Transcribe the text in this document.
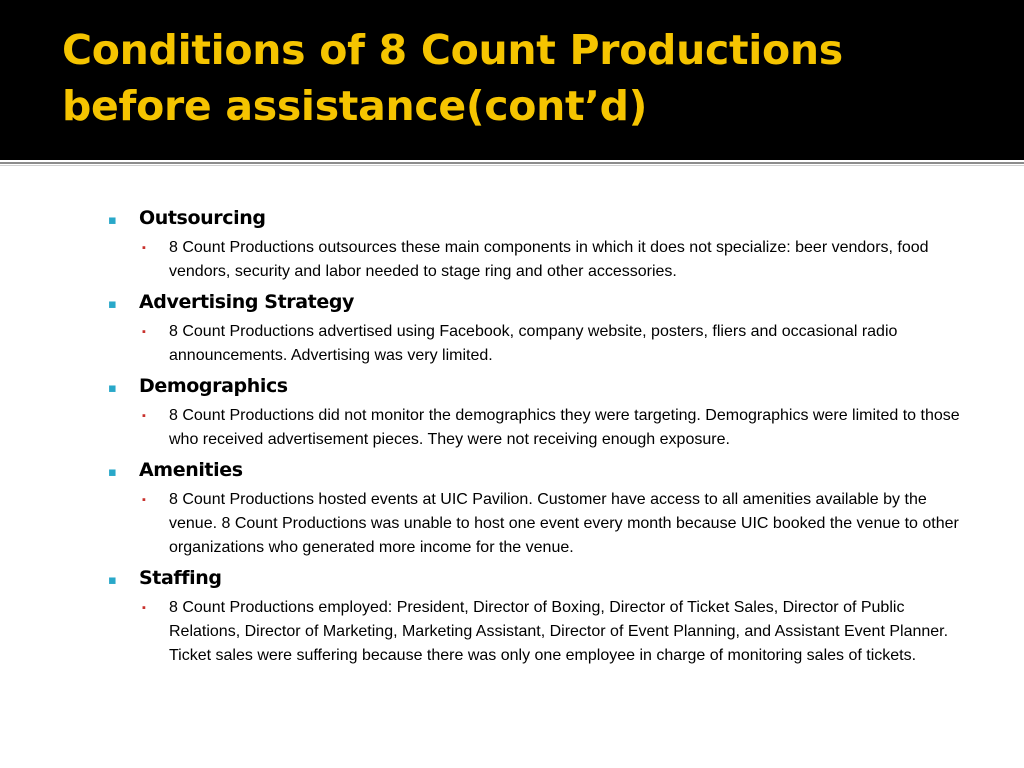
Conditions of 8 Count Productions
before assistance(cont’d)
▪ Outsourcing
▪ 8 Count Productions outsources these main components in which it does not specialize: beer vendors, food vendors, security and labor needed to stage ring and other accessories.
▪ Advertising Strategy
▪ 8 Count Productions advertised using Facebook, company website, posters, fliers and occasional radio announcements. Advertising was very limited.
▪ Demographics
▪ 8 Count Productions did not monitor the demographics they were targeting. Demographics were limited to those who received advertisement pieces. They were not receiving enough exposure.
▪ Amenities
▪ 8 Count Productions hosted events at UIC Pavilion. Customer have access to all amenities available by the venue. 8 Count Productions was unable to host one event every month because UIC booked the venue to other organizations who generated more income for the venue.
▪ Staffing
▪ 8 Count Productions employed: President, Director of Boxing, Director of Ticket Sales, Director of Public Relations, Director of Marketing, Marketing Assistant, Director of Event Planning, and Assistant Event Planner. Ticket sales were suffering because there was only one employee in charge of monitoring sales of tickets.
